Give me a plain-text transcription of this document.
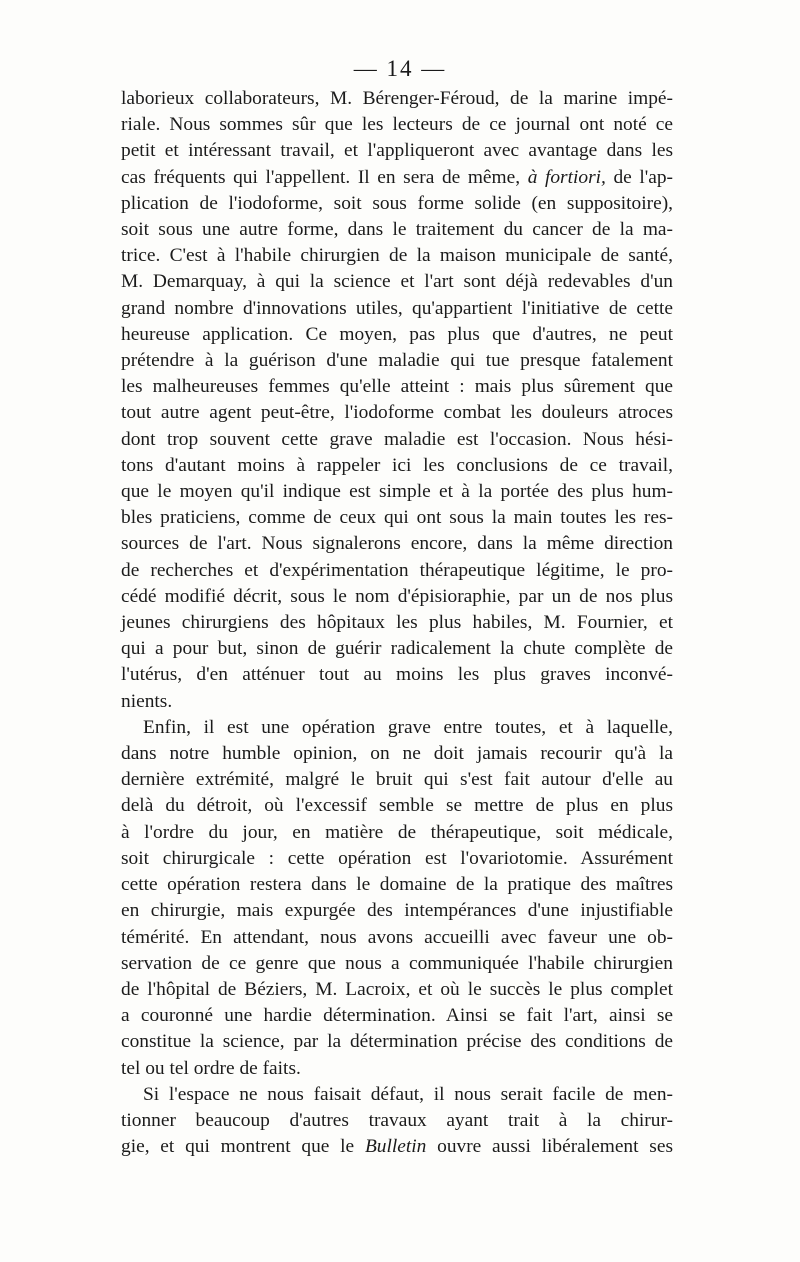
— 14 —
laborieux collaborateurs, M. Bérenger-Féroud, de la marine impé-
riale. Nous sommes sûr que les lecteurs de ce journal ont noté ce
petit et intéressant travail, et l'appliqueront avec avantage dans les
cas fréquents qui l'appellent. Il en sera de même, à fortiori, de l'ap-
plication de l'iodoforme, soit sous forme solide (en suppositoire),
soit sous une autre forme, dans le traitement du cancer de la ma-
trice. C'est à l'habile chirurgien de la maison municipale de santé,
M. Demarquay, à qui la science et l'art sont déjà redevables d'un
grand nombre d'innovations utiles, qu'appartient l'initiative de cette
heureuse application. Ce moyen, pas plus que d'autres, ne peut
prétendre à la guérison d'une maladie qui tue presque fatalement
les malheureuses femmes qu'elle atteint : mais plus sûrement que
tout autre agent peut-être, l'iodoforme combat les douleurs atroces
dont trop souvent cette grave maladie est l'occasion. Nous hési-
tons d'autant moins à rappeler ici les conclusions de ce travail,
que le moyen qu'il indique est simple et à la portée des plus hum-
bles praticiens, comme de ceux qui ont sous la main toutes les res-
sources de l'art. Nous signalerons encore, dans la même direction
de recherches et d'expérimentation thérapeutique légitime, le pro-
cédé modifié décrit, sous le nom d'épisioraphie, par un de nos plus
jeunes chirurgiens des hôpitaux les plus habiles, M. Fournier, et
qui a pour but, sinon de guérir radicalement la chute complète de
l'utérus, d'en atténuer tout au moins les plus graves inconvé-
nients.
Enfin, il est une opération grave entre toutes, et à laquelle,
dans notre humble opinion, on ne doit jamais recourir qu'à la
dernière extrémité, malgré le bruit qui s'est fait autour d'elle au
delà du détroit, où l'excessif semble se mettre de plus en plus
à l'ordre du jour, en matière de thérapeutique, soit médicale,
soit chirurgicale : cette opération est l'ovariotomie. Assurément
cette opération restera dans le domaine de la pratique des maîtres
en chirurgie, mais expurgée des intempérances d'une injustifiable
témérité. En attendant, nous avons accueilli avec faveur une ob-
servation de ce genre que nous a communiquée l'habile chirurgien
de l'hôpital de Béziers, M. Lacroix, et où le succès le plus complet
a couronné une hardie détermination. Ainsi se fait l'art, ainsi se
constitue la science, par la détermination précise des conditions de
tel ou tel ordre de faits.
Si l'espace ne nous faisait défaut, il nous serait facile de men-
tionner beaucoup d'autres travaux ayant trait à la chirur-
gie, et qui montrent que le Bulletin ouvre aussi libéralement ses
